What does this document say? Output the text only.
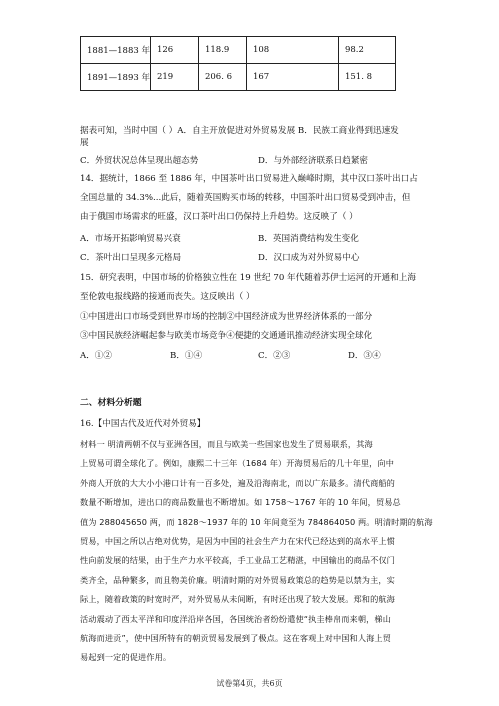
1881—1883 年	126	118.9	108	98.2
1891—1893 年	219	206. 6	167	151. 8
据表可知，当时中国（ ）A．自主开放促进对外贸易发展 B．民族工商业得到迅速发
展
C．外贸状况总体呈现出超态势	D．与外部经济联系日趋紧密
14．据统计，1866 至 1886 年，中国茶叶出口贸易进入巅峰时期，其中汉口茶叶出口占
全国总量的 34.3%...此后，随着英国购买市场的转移，中国茶叶出口贸易受到冲击，但
由于俄国市场需求的旺盛，汉口茶叶出口仍保持上升趋势。这反映了（ ）
A．市场开拓影响贸易兴衰	B．英国消费结构发生变化
C．茶叶出口呈现多元格局	D．汉口成为对外贸易中心
15．研究表明，中国市场的价格独立性在 19 世纪 70 年代随着苏伊士运河的开通和上海
至伦敦电报线路的接通而丧失。这反映出（ ）
①中国进出口市场受到世界市场的控制②中国经济成为世界经济体系的一部分
③中国民族经济崛起参与欧美市场竞争④便捷的交通通讯推动经济实现全球化
A．①②	B．①④	C．②③	D．③④
二、材料分析题
16.【中国古代及近代对外贸易】
材料一 明清两朝不仅与亚洲各国，而且与欧美一些国家也发生了贸易联系，其海
上贸易可谓全球化了。例如，康熙二十三年（1684 年）开海贸易后的几十年里，向中
外商人开放的大大小小港口计有一百多处，遍及沿海南北，而以广东最多。清代商船的
数量不断增加，进出口的商品数量也不断增加。如 1758～1767 年的 10 年间，贸易总
值为 288045650 两，而 1828～1937 年的 10 年间竟至为 784864050 两。明清时期的航海
贸易，中国之所以占绝对优势，是因为中国的社会生产力在宋代已经达到的高水平上惯
性向前发展的结果，由于生产力水平较高，手工业品工艺精湛，中国输出的商品不仅门
类齐全，品种繁多，而且物美价廉。明清时期的对外贸易政策总的趋势是以禁为主，实
际上，随着政策的时宽时严，对外贸易从未间断，有时还出现了较大发展。郑和的航海
活动震动了西太平洋和印度洋沿岸各国，各国统治者纷纷遣使“执圭棒帛而来朝，梯山
航海而进贡”，使中国所特有的朝贡贸易发展到了极点。这在客观上对中国和人海上贸
易起到一定的促进作用。
试卷第4页，共6页
